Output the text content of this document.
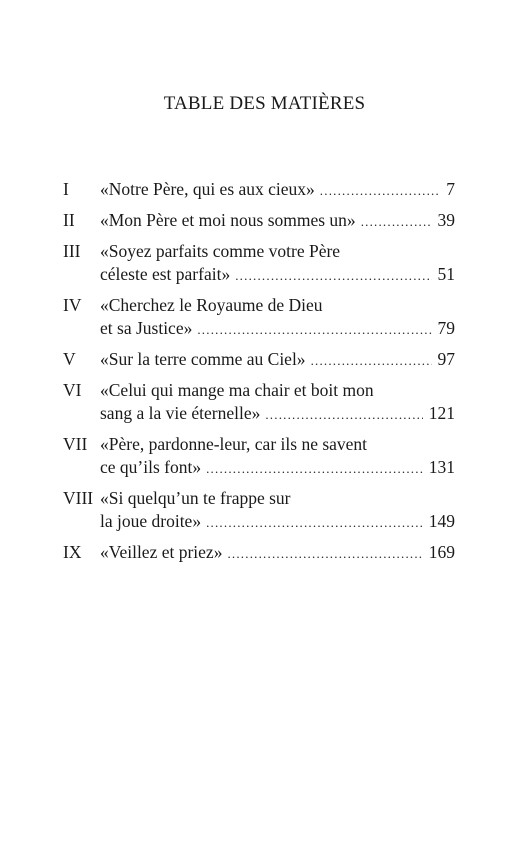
TABLE DES MATIÈRES
I «Notre Père, qui es aux cieux» .....	7
II «Mon Père et moi nous sommes un» .....	39
III «Soyez parfaits comme votre Père
céleste est parfait» .....	51
IV «Cherchez le Royaume de Dieu
et sa Justice» .....	79
V «Sur la terre comme au Ciel» .....	97
VI «Celui qui mange ma chair et boit mon
sang a la vie éternelle» .....	121
VII «Père, pardonne-leur, car ils ne savent
ce qu’ils font» .....	131
VIII «Si quelqu’un te frappe sur
la joue droite» .....	149
IX «Veillez et priez» .....	169
